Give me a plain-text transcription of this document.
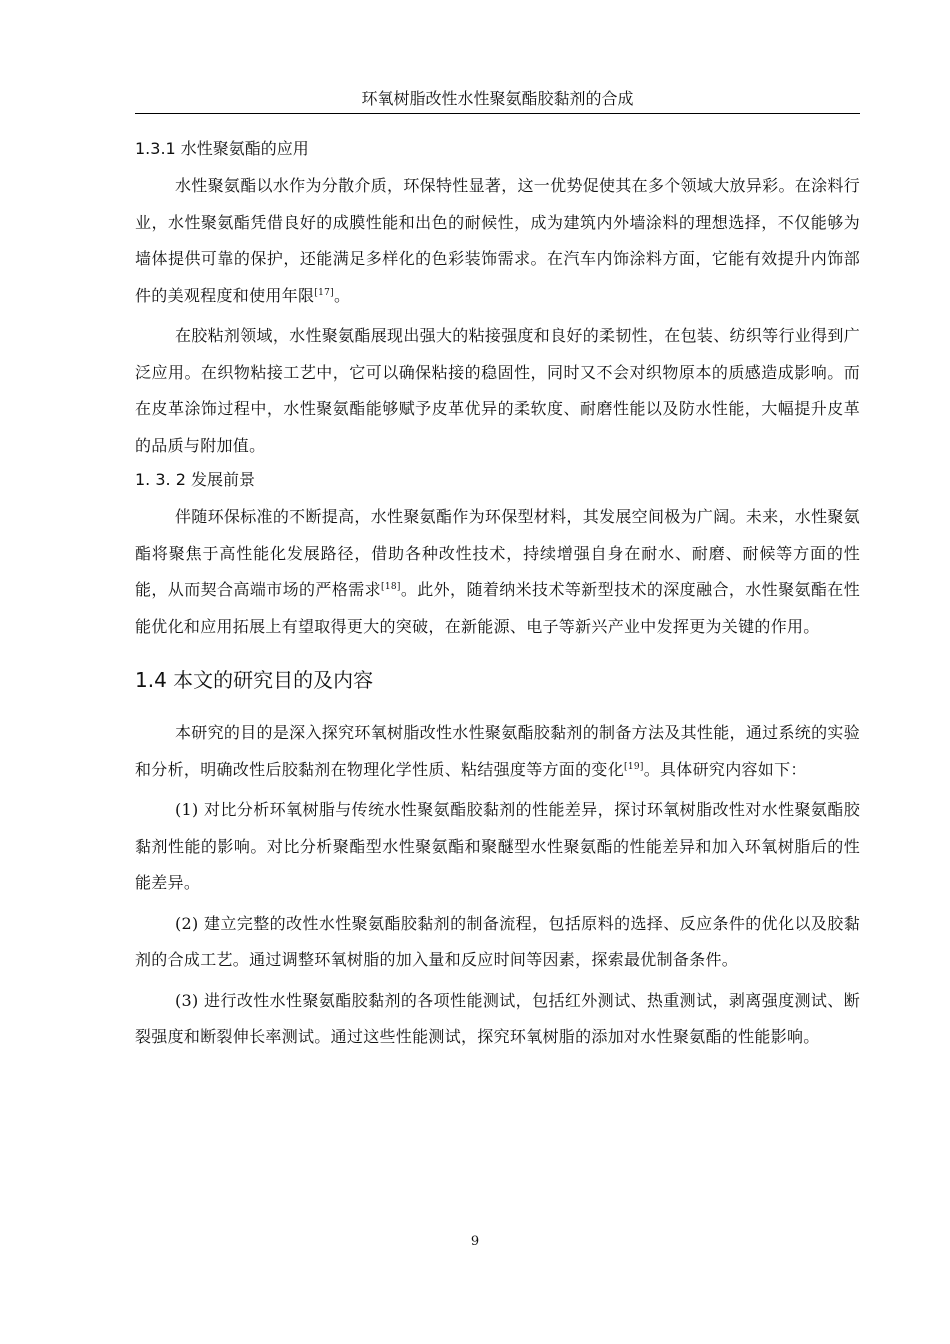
环氧树脂改性水性聚氨酯胶黏剂的合成
1.3.1 水性聚氨酯的应用

水性聚氨酯以水作为分散介质，环保特性显著，这一优势促使其在多个领域大放异彩。在涂料行业，水性聚氨酯凭借良好的成膜性能和出色的耐候性，成为建筑内外墙涂料的理想选择，不仅能够为墙体提供可靠的保护，还能满足多样化的色彩装饰需求。在汽车内饰涂料方面，它能有效提升内饰部件的美观程度和使用年限[17]。

在胶粘剂领域，水性聚氨酯展现出强大的粘接强度和良好的柔韧性，在包装、纺织等行业得到广泛应用。在织物粘接工艺中，它可以确保粘接的稳固性，同时又不会对织物原本的质感造成影响。而在皮革涂饰过程中，水性聚氨酯能够赋予皮革优异的柔软度、耐磨性能以及防水性能，大幅提升皮革的品质与附加值。

1. 3. 2 发展前景

伴随环保标准的不断提高，水性聚氨酯作为环保型材料，其发展空间极为广阔。未来，水性聚氨酯将聚焦于高性能化发展路径，借助各种改性技术，持续增强自身在耐水、耐磨、耐候等方面的性能，从而契合高端市场的严格需求[18]。此外，随着纳米技术等新型技术的深度融合，水性聚氨酯在性能优化和应用拓展上有望取得更大的突破，在新能源、电子等新兴产业中发挥更为关键的作用。

1.4 本文的研究目的及内容

本研究的目的是深入探究环氧树脂改性水性聚氨酯胶黏剂的制备方法及其性能，通过系统的实验和分析，明确改性后胶黏剂在物理化学性质、粘结强度等方面的变化[19]。具体研究内容如下：

(1) 对比分析环氧树脂与传统水性聚氨酯胶黏剂的性能差异，探讨环氧树脂改性对水性聚氨酯胶黏剂性能的影响。对比分析聚酯型水性聚氨酯和聚醚型水性聚氨酯的性能差异和加入环氧树脂后的性能差异。

(2) 建立完整的改性水性聚氨酯胶黏剂的制备流程，包括原料的选择、反应条件的优化以及胶黏剂的合成工艺。通过调整环氧树脂的加入量和反应时间等因素，探索最优制备条件。

(3) 进行改性水性聚氨酯胶黏剂的各项性能测试，包括红外测试、热重测试，剥离强度测试、断裂强度和断裂伸长率测试。通过这些性能测试，探究环氧树脂的添加对水性聚氨酯的性能影响。

9
